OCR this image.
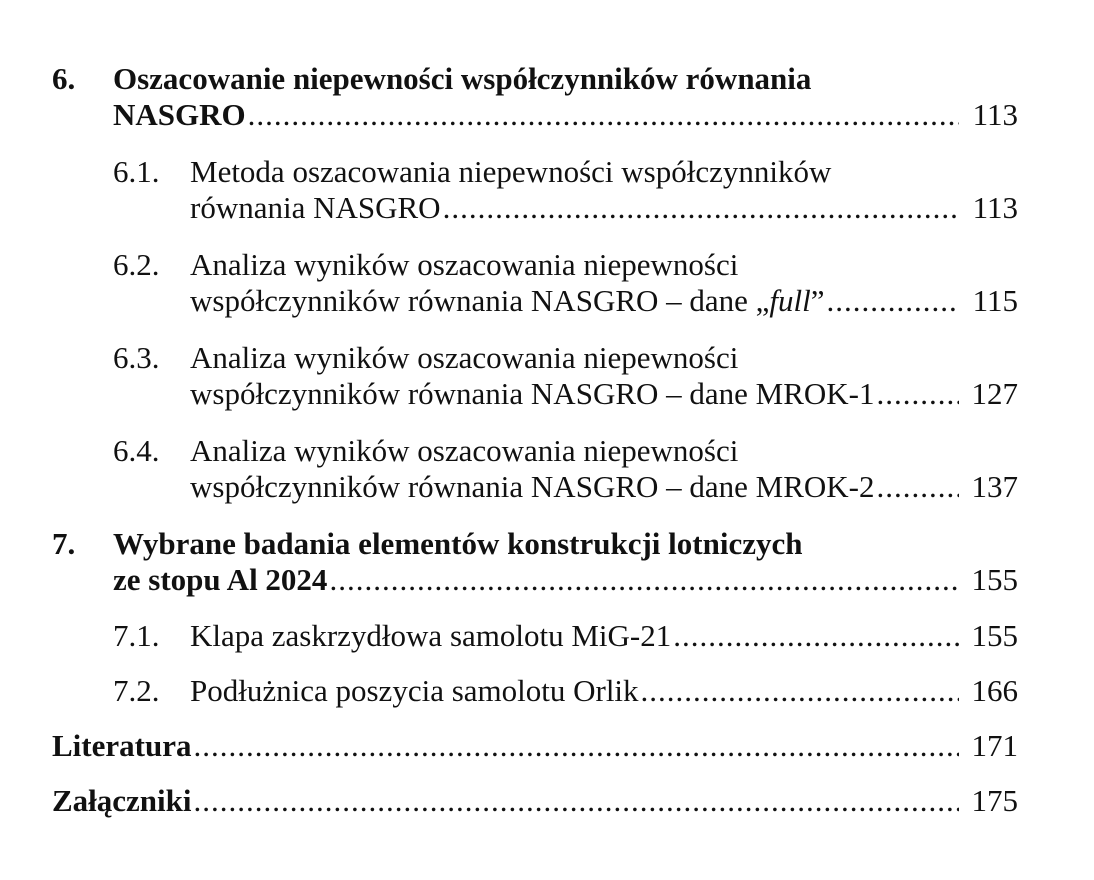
6. Oszacowanie niepewności współczynników równania
NASGRO .....	113
6.1. Metoda oszacowania niepewności współczynników
równania NASGRO .....	113
6.2. Analiza wyników oszacowania niepewności
współczynników równania NASGRO – dane „full” .....	115
6.3. Analiza wyników oszacowania niepewności
współczynników równania NASGRO – dane MROK-1 .....	127
6.4. Analiza wyników oszacowania niepewności
współczynników równania NASGRO – dane MROK-2 .....	137
7. Wybrane badania elementów konstrukcji lotniczych
ze stopu Al 2024 .....	155
7.1. Klapa zaskrzydłowa samolotu MiG-21 .....	155
7.2. Podłużnica poszycia samolotu Orlik .....	166
Literatura .....	171
Załączniki .....	175
